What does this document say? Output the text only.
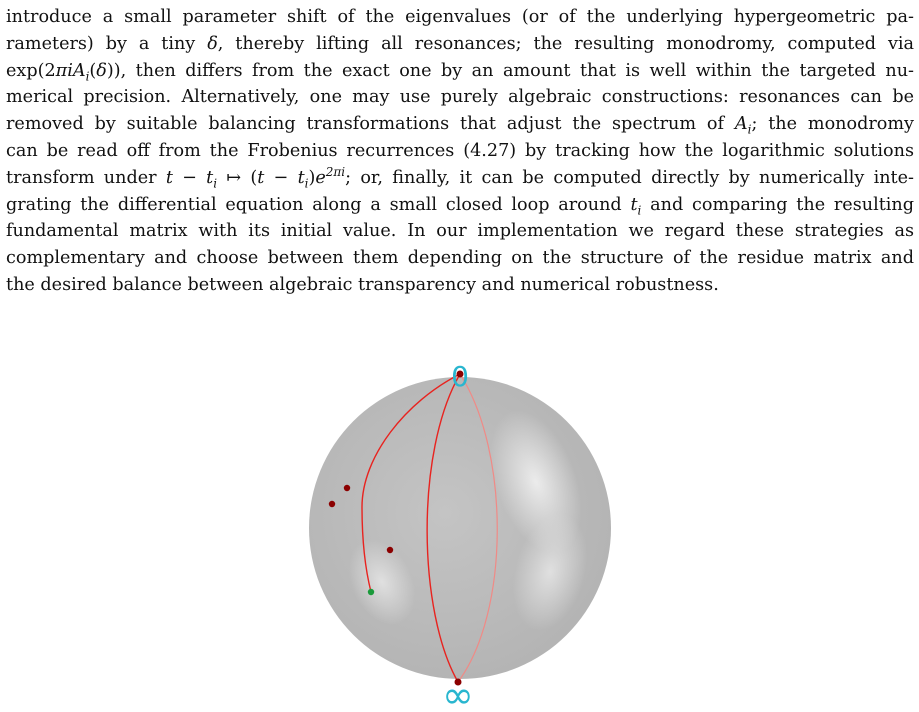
introduce a small parameter shift of the eigenvalues (or of the underlying hypergeometric pa-
rameters) by a tiny δ, thereby lifting all resonances; the resulting monodromy, computed via
exp(2πiA$_i$(δ)), then differs from the exact one by an amount that is well within the targeted nu-
merical precision. Alternatively, one may use purely algebraic constructions: resonances can be
removed by suitable balancing transformations that adjust the spectrum of $A_i$; the monodromy
can be read off from the Frobenius recurrences (4.27) by tracking how the logarithmic solutions
transform under $t - t_i$ ↦ $(t - t_i)e^{2\pi i}$; or, finally, it can be computed directly by numerically inte-
grating the differential equation along a small closed loop around $t_i$ and comparing the resulting
fundamental matrix with its initial value. In our implementation we regard these strategies as
complementary and choose between them depending on the structure of the residue matrix and
the desired balance between algebraic transparency and numerical robustness.
0
∞
